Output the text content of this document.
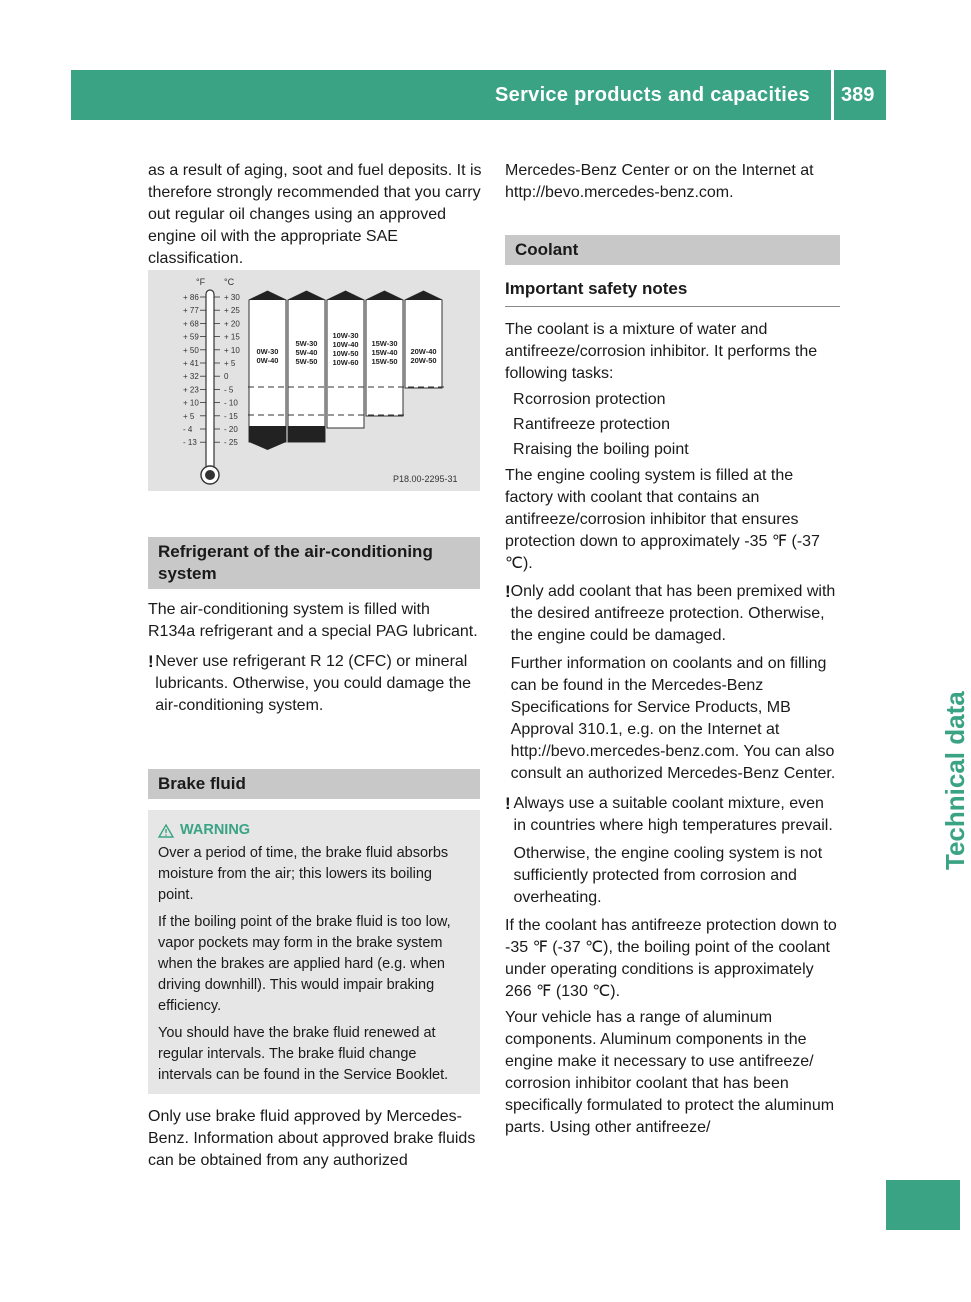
Service products and capacities 389
Technical data

as a result of aging, soot and fuel deposits. It is therefore strongly recommended that you carry out regular oil changes using an approved engine oil with the appropriate SAE classification.

+ 86
+ 77
+ 68
+ 59
+ 50
+ 41
+ 32
+ 23
+ 10
+ 5
- 4
- 13
+ 30
+ 25
+ 20
+ 15
+ 10
+ 5
0
- 5
- 10
- 15
- 20
- 25
°F °C
0W-30
0W-40
5W-30
5W-40
5W-50
10W-30
10W-40
10W-50
10W-60
15W-30
15W-40
15W-50
20W-40
20W-50
P18.00-2295-31
Refrigerant of the air-conditioning system

The air-conditioning system is filled with R134a refrigerant and a special PAG lubricant.

! Never use refrigerant R 12 (CFC) or mineral lubricants. Otherwise, you could damage the air-conditioning system.

Brake fluid
WARNING

Over a period of time, the brake fluid absorbs moisture from the air; this lowers its boiling point.

If the boiling point of the brake fluid is too low, vapor pockets may form in the brake system when the brakes are applied hard (e.g. when driving downhill). This would impair braking efficiency.

You should have the brake fluid renewed at regular intervals. The brake fluid change intervals can be found in the Service Booklet.

Only use brake fluid approved by Mercedes-Benz. Information about approved brake fluids can be obtained from any authorized

Mercedes-Benz Center or on the Internet at http://bevo.mercedes-benz.com.

Coolant
Important safety notes

The coolant is a mixture of water and antifreeze/corrosion inhibitor. It performs the following tasks:

Rcorrosion protection
Rantifreeze protection
Rraising the boiling point

The engine cooling system is filled at the factory with coolant that contains an antifreeze/corrosion inhibitor that ensures protection down to approximately -35 ℉ (-37 ℃).

! Only add coolant that has been premixed with the desired antifreeze protection. Otherwise, the engine could be damaged.

Further information on coolants and on filling can be found in the Mercedes-Benz Specifications for Service Products, MB Approval 310.1, e.g. on the Internet at http://bevo.mercedes-benz.com. You can also consult an authorized Mercedes-Benz Center.

! Always use a suitable coolant mixture, even in countries where high temperatures prevail.

Otherwise, the engine cooling system is not sufficiently protected from corrosion and overheating.

If the coolant has antifreeze protection down to -35 ℉ (-37 ℃), the boiling point of the coolant under operating conditions is approximately 266 ℉ (130 ℃).

Your vehicle has a range of aluminum components. Aluminum components in the engine make it necessary to use antifreeze/ corrosion inhibitor coolant that has been specifically formulated to protect the aluminum parts. Using other antifreeze/
